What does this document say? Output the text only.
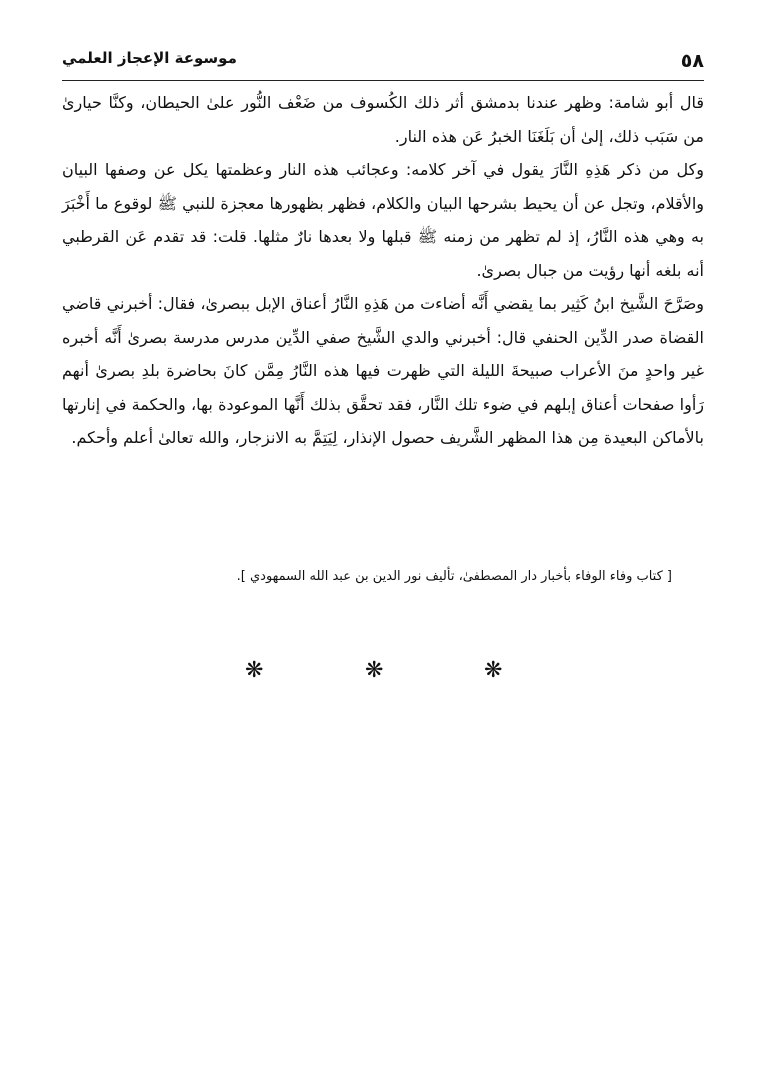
٥٨
موسوعة الإعجاز العلمي

قال أبو شامة: وظهر عندنا بدمشق أثر ذلك الكُسوف من ضَعْف النُّور علىٰ الحيطان، وكنَّا حيارىٰ من سَبَب ذلك، إلىٰ أن بَلَغَنَا الخبرُ عَن هذه النار.

وكل من ذكر هَذِهِ النَّارَ يقول في آخر كلامه: وعجائب هذه النار وعظمتها يكل عن وصفها البيان والأقلام، وتجل عن أن يحيط بشرحها البيان والكلام، فظهر بظهورها معجزة للنبي ﷺ لوقوع ما أَخْبَرَ به وهي هذه النَّارُ، إذ لم تظهر من زمنه ﷺ قبلها ولا بعدها نارٌ مثلها. قلت: قد تقدم عَن القرطبي أنه بلغه أنها رؤيت من جبال بصرىٰ.

وصَرَّحَ الشَّيخ ابنُ كَثِير بما يقضي أَنَّه أضاءت من هَذِهِ النَّارُ أعناق الإبل ببصرىٰ، فقال: أخبرني قاضي القضاة صدر الدِّين الحنفي قال: أخبرني والدي الشَّيخ صفي الدِّين مدرس مدرسة بصرىٰ أَنَّه أخبره غير واحدٍ منَ الأعراب صبيحةَ الليلة التي ظهرت فيها هذه النَّارُ مِمَّن كانَ بحاضرة بلدِ بصرىٰ أنهم رَأوا صفحات أعناق إبلهم في ضوء تلك النَّار، فقد تحقَّق بذلك أَنَّها الموعودة بها، والحكمة في إنارتها بالأماكن البعيدة مِن هذا المظهر الشَّريف حصول الإنذار، لِيَتِمَّ به الانزجار، والله تعالىٰ أعلم وأحكم.

[ كتاب وفاء الوفاء بأخبار دار المصطفىٰ، تأليف نور الدين بن عبد الله السمهودي ].
❋
❋
❋
